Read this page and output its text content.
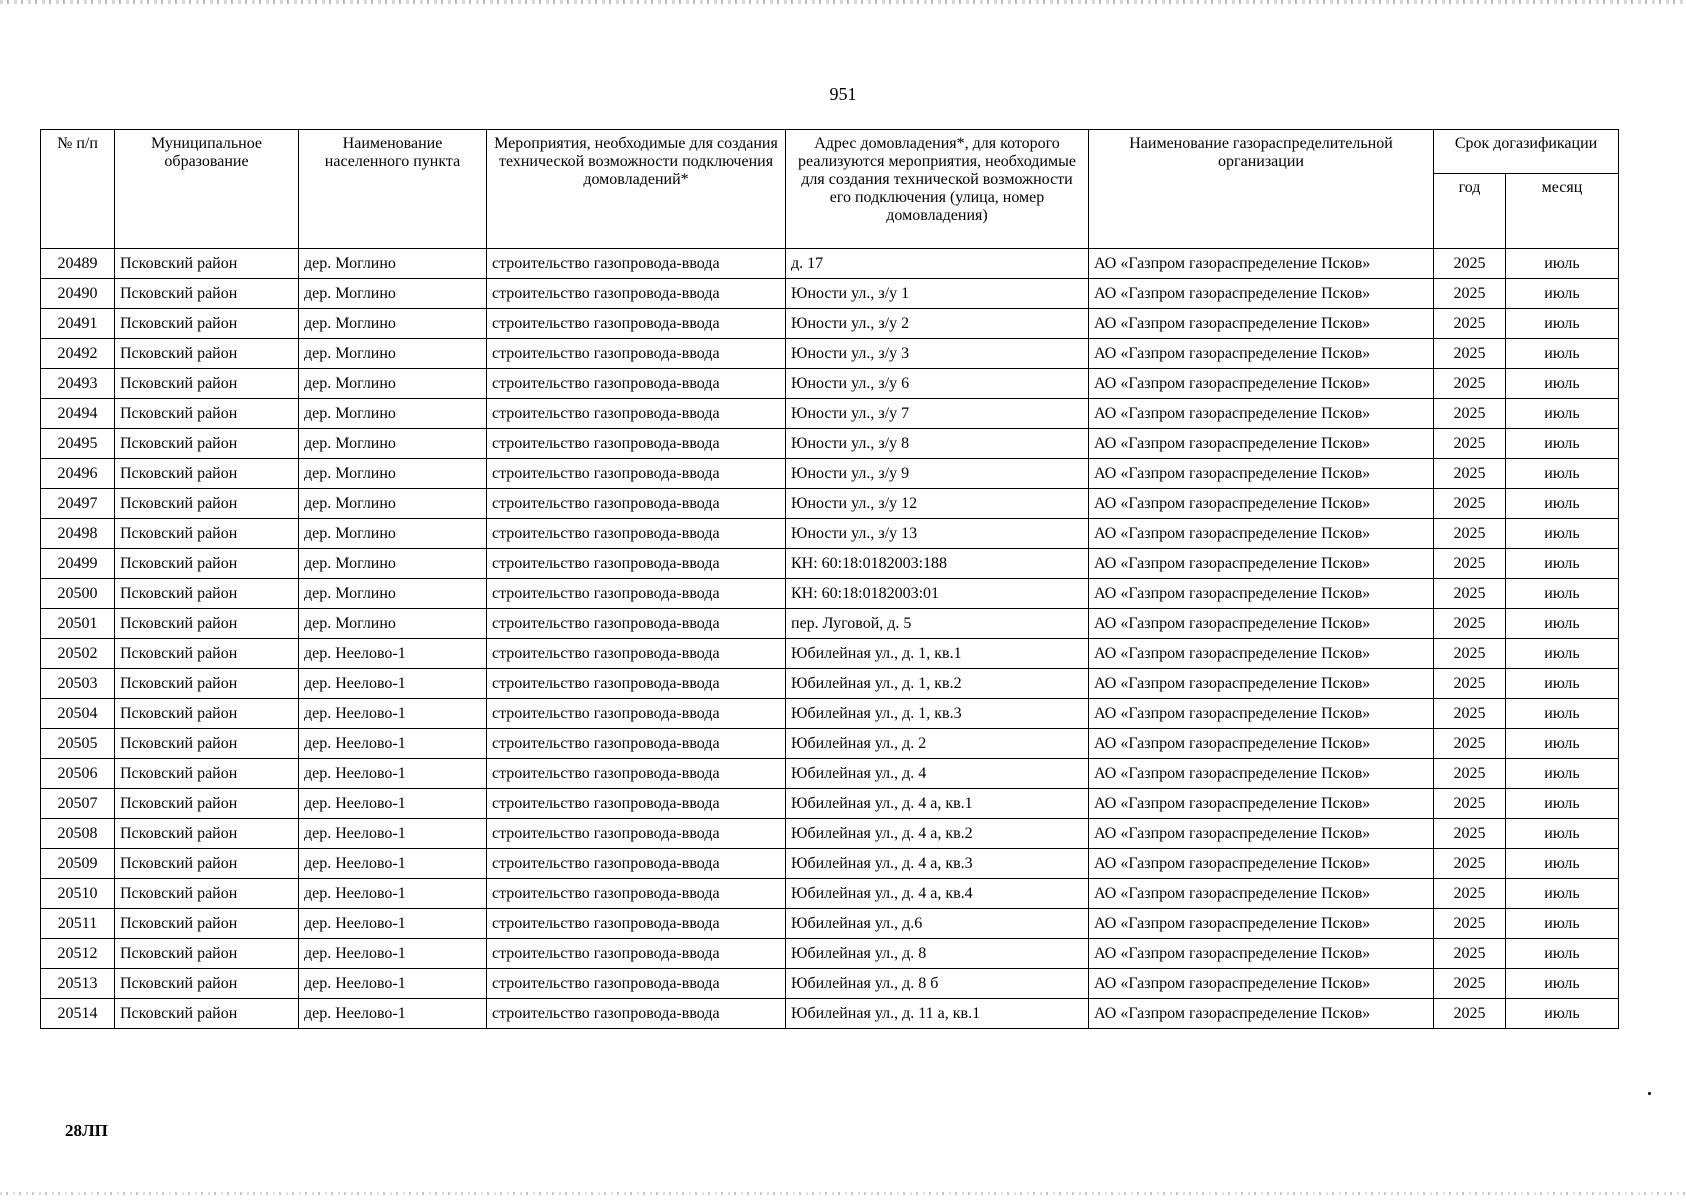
951
№ п/п	Муниципальное образование	Наименование населенного пункта	Мероприятия, необходимые для создания технической возможности подключения домовладений*	Адрес домовладения*, для которого реализуются мероприятия, необходимые для создания технической возможности его подключения (улица, номер домовладения)	Наименование газораспределительной организации	Срок догазификации	
						год	месяц
20489	Псковский район	дер. Моглино	строительство газопровода-ввода	д. 17	АО «Газпром газораспределение Псков»	2025	июль
20490	Псковский район	дер. Моглино	строительство газопровода-ввода	Юности ул., з/у 1	АО «Газпром газораспределение Псков»	2025	июль
20491	Псковский район	дер. Моглино	строительство газопровода-ввода	Юности ул., з/у 2	АО «Газпром газораспределение Псков»	2025	июль
20492	Псковский район	дер. Моглино	строительство газопровода-ввода	Юности ул., з/у 3	АО «Газпром газораспределение Псков»	2025	июль
20493	Псковский район	дер. Моглино	строительство газопровода-ввода	Юности ул., з/у 6	АО «Газпром газораспределение Псков»	2025	июль
20494	Псковский район	дер. Моглино	строительство газопровода-ввода	Юности ул., з/у 7	АО «Газпром газораспределение Псков»	2025	июль
20495	Псковский район	дер. Моглино	строительство газопровода-ввода	Юности ул., з/у 8	АО «Газпром газораспределение Псков»	2025	июль
20496	Псковский район	дер. Моглино	строительство газопровода-ввода	Юности ул., з/у 9	АО «Газпром газораспределение Псков»	2025	июль
20497	Псковский район	дер. Моглино	строительство газопровода-ввода	Юности ул., з/у 12	АО «Газпром газораспределение Псков»	2025	июль
20498	Псковский район	дер. Моглино	строительство газопровода-ввода	Юности ул., з/у 13	АО «Газпром газораспределение Псков»	2025	июль
20499	Псковский район	дер. Моглино	строительство газопровода-ввода	КН: 60:18:0182003:188	АО «Газпром газораспределение Псков»	2025	июль
20500	Псковский район	дер. Моглино	строительство газопровода-ввода	КН: 60:18:0182003:01	АО «Газпром газораспределение Псков»	2025	июль
20501	Псковский район	дер. Моглино	строительство газопровода-ввода	пер. Луговой, д. 5	АО «Газпром газораспределение Псков»	2025	июль
20502	Псковский район	дер. Неелово-1	строительство газопровода-ввода	Юбилейная ул., д. 1, кв.1	АО «Газпром газораспределение Псков»	2025	июль
20503	Псковский район	дер. Неелово-1	строительство газопровода-ввода	Юбилейная ул., д. 1, кв.2	АО «Газпром газораспределение Псков»	2025	июль
20504	Псковский район	дер. Неелово-1	строительство газопровода-ввода	Юбилейная ул., д. 1, кв.3	АО «Газпром газораспределение Псков»	2025	июль
20505	Псковский район	дер. Неелово-1	строительство газопровода-ввода	Юбилейная ул., д. 2	АО «Газпром газораспределение Псков»	2025	июль
20506	Псковский район	дер. Неелово-1	строительство газопровода-ввода	Юбилейная ул., д. 4	АО «Газпром газораспределение Псков»	2025	июль
20507	Псковский район	дер. Неелово-1	строительство газопровода-ввода	Юбилейная ул., д. 4 а, кв.1	АО «Газпром газораспределение Псков»	2025	июль
20508	Псковский район	дер. Неелово-1	строительство газопровода-ввода	Юбилейная ул., д. 4 а, кв.2	АО «Газпром газораспределение Псков»	2025	июль
20509	Псковский район	дер. Неелово-1	строительство газопровода-ввода	Юбилейная ул., д. 4 а, кв.3	АО «Газпром газораспределение Псков»	2025	июль
20510	Псковский район	дер. Неелово-1	строительство газопровода-ввода	Юбилейная ул., д. 4 а, кв.4	АО «Газпром газораспределение Псков»	2025	июль
20511	Псковский район	дер. Неелово-1	строительство газопровода-ввода	Юбилейная ул., д.6	АО «Газпром газораспределение Псков»	2025	июль
20512	Псковский район	дер. Неелово-1	строительство газопровода-ввода	Юбилейная ул., д. 8	АО «Газпром газораспределение Псков»	2025	июль
20513	Псковский район	дер. Неелово-1	строительство газопровода-ввода	Юбилейная ул., д. 8 б	АО «Газпром газораспределение Псков»	2025	июль
20514	Псковский район	дер. Неелово-1	строительство газопровода-ввода	Юбилейная ул., д. 11 а, кв.1	АО «Газпром газораспределение Псков»	2025	июль
28ЛП
